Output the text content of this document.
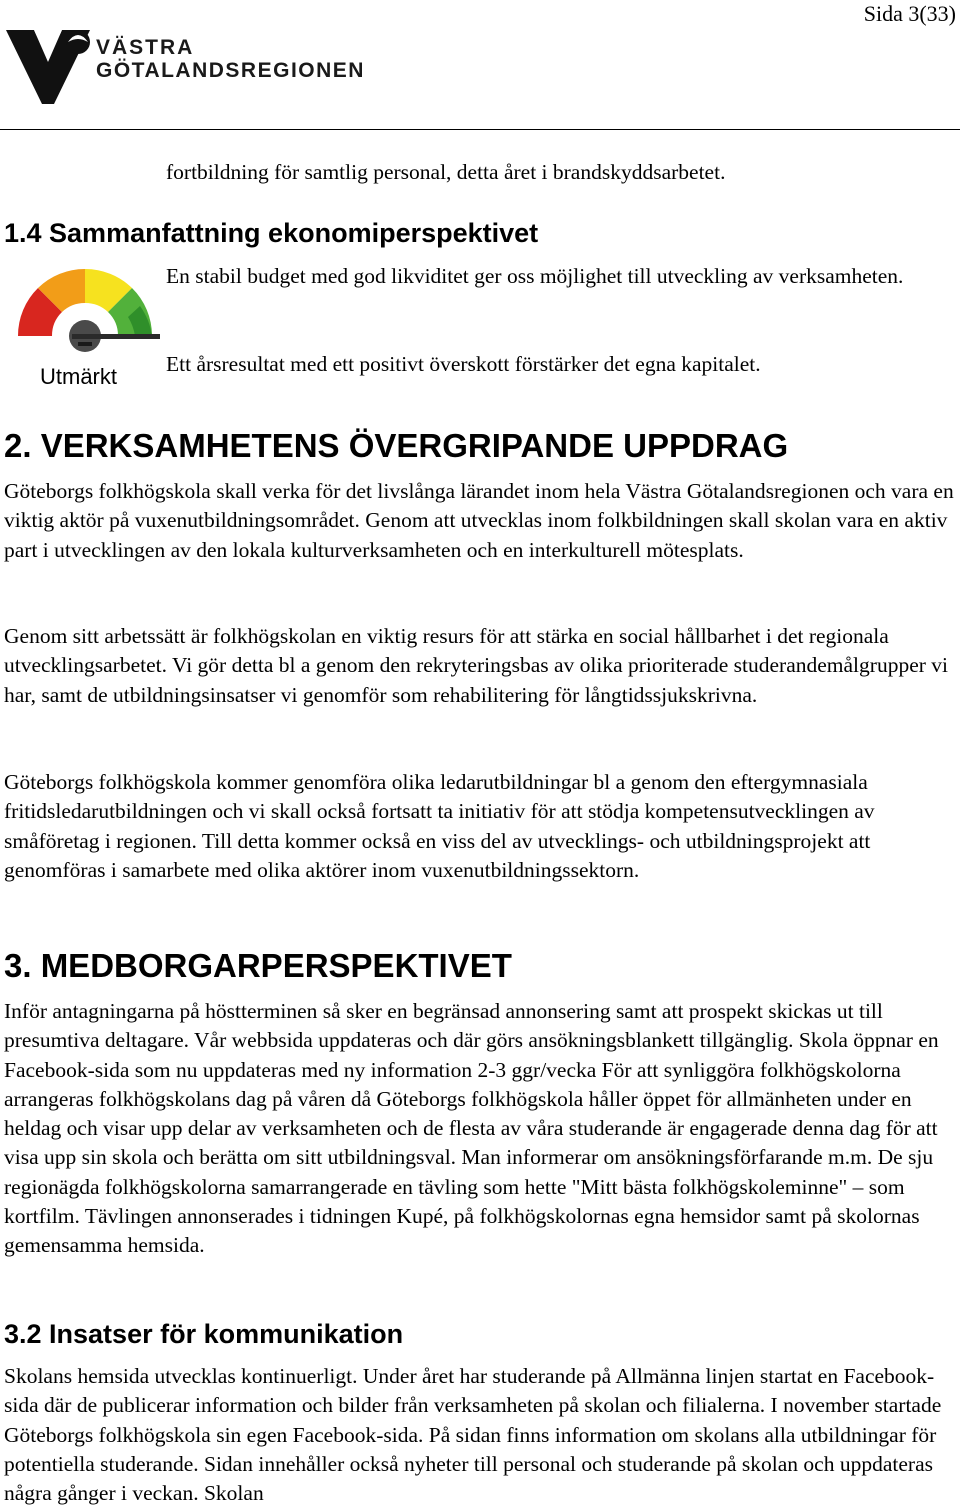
Sida 3(33)
VÄSTRA
GÖTALANDSREGIONEN

fortbildning för samtlig personal, detta året i brandskyddsarbetet.

1.4 Sammanfattning ekonomiperspektivet
Utmärkt

En stabil budget med god likviditet ger oss möjlighet till utveckling av verksamheten.

Ett årsresultat med ett positivt överskott förstärker det egna kapitalet.

2. VERKSAMHETENS ÖVERGRIPANDE UPPDRAG

Göteborgs folkhögskola skall verka för det livslånga lärandet inom hela Västra Götalandsregionen och vara en viktig aktör på vuxenutbildningsområdet. Genom att utvecklas inom folkbildningen skall skolan vara en aktiv part i utvecklingen av den lokala kulturverksamheten och en interkulturell mötesplats.

Genom sitt arbetssätt är folkhögskolan en viktig resurs för att stärka en social hållbarhet i det regionala utvecklingsarbetet. Vi gör detta bl a genom den rekryteringsbas av olika prioriterade studerandemålgrupper vi har, samt de utbildningsinsatser vi genomför som rehabilitering för långtidssjukskrivna.

Göteborgs folkhögskola kommer genomföra olika ledarutbildningar bl a genom den eftergymnasiala fritidsledarutbildningen och vi skall också fortsatt ta initiativ för att stödja kompetensutvecklingen av småföretag i regionen. Till detta kommer också en viss del av utvecklings- och utbildningsprojekt att genomföras i samarbete med olika aktörer inom vuxenutbildningssektorn.

3. MEDBORGARPERSPEKTIVET

Inför antagningarna på höstterminen så sker en begränsad annonsering samt att prospekt skickas ut till presumtiva deltagare. Vår webbsida uppdateras och där görs ansökningsblankett tillgänglig. Skola öppnar en Facebook-sida som nu uppdateras med ny information 2-3 ggr/vecka För att synliggöra folkhögskolorna arrangeras folkhögskolans dag på våren då Göteborgs folkhögskola håller öppet för allmänheten under en heldag och visar upp delar av verksamheten och de flesta av våra studerande är engagerade denna dag för att visa upp sin skola och berätta om sitt utbildningsval. Man informerar om ansökningsförfarande m.m. De sju regionägda folkhögskolorna samarrangerade en tävling som hette "Mitt bästa folkhögskoleminne" – som kortfilm. Tävlingen annonserades i tidningen Kupé, på folkhögskolornas egna hemsidor samt på skolornas gemensamma hemsida.

3.2 Insatser för kommunikation

Skolans hemsida utvecklas kontinuerligt. Under året har studerande på Allmänna linjen startat en Facebook-sida där de publicerar information och bilder från verksamheten på skolan och filialerna. I november startade Göteborgs folkhögskola sin egen Facebook-sida. På sidan finns information om skolans alla utbildningar för potentiella studerande. Sidan innehåller också nyheter till personal och studerande på skolan och uppdateras några gånger i veckan. Skolan
